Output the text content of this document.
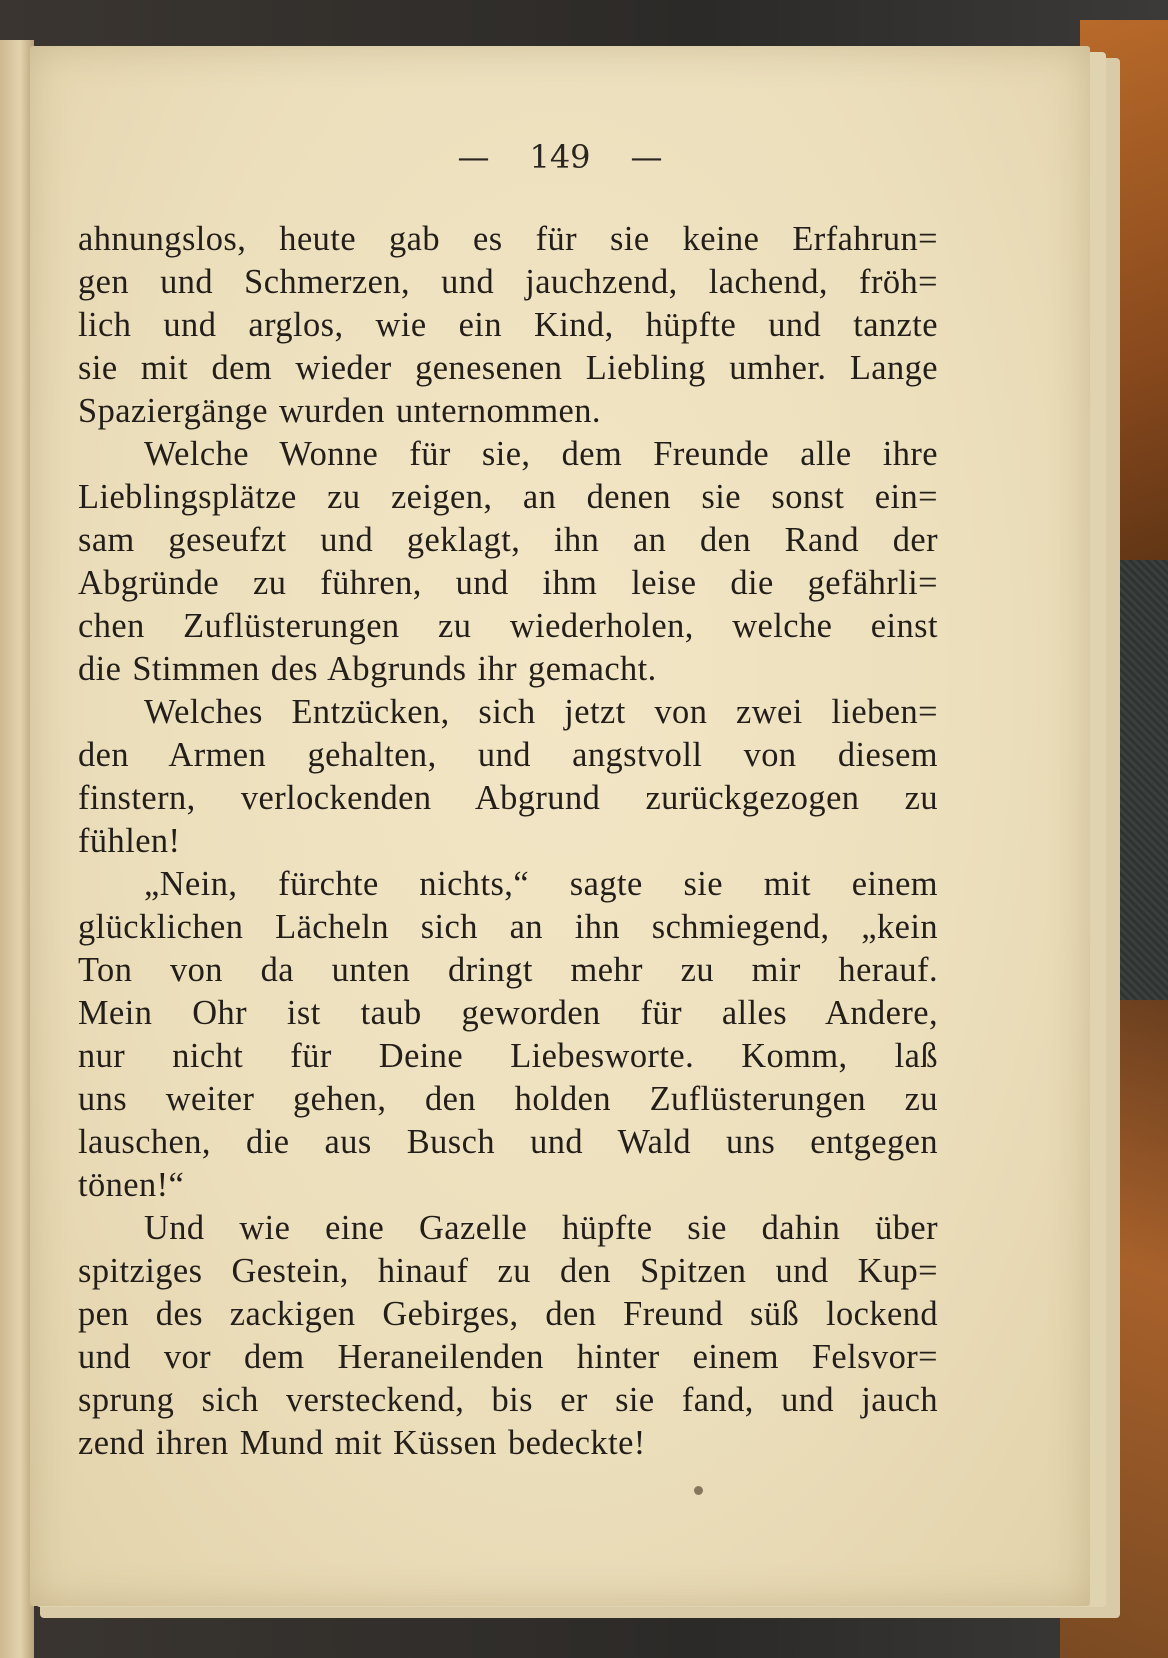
— 149 —

ahnungslos, heute gab es für sie keine Erfahrun=
gen und Schmerzen, und jauchzend, lachend, fröh=
lich und arglos, wie ein Kind, hüpfte und tanzte
sie mit dem wieder genesenen Liebling umher. Lange
Spaziergänge wurden unternommen.

Welche Wonne für sie, dem Freunde alle ihre
Lieblingsplätze zu zeigen, an denen sie sonst ein=
sam geseufzt und geklagt, ihn an den Rand der
Abgründe zu führen, und ihm leise die gefährli=
chen Zuflüsterungen zu wiederholen, welche einst
die Stimmen des Abgrunds ihr gemacht.

Welches Entzücken, sich jetzt von zwei lieben=
den Armen gehalten, und angstvoll von diesem
finstern, verlockenden Abgrund zurückgezogen zu
fühlen!

„Nein, fürchte nichts,“ sagte sie mit einem
glücklichen Lächeln sich an ihn schmiegend, „kein
Ton von da unten dringt mehr zu mir herauf.
Mein Ohr ist taub geworden für alles Andere,
nur nicht für Deine Liebesworte. Komm, laß
uns weiter gehen, den holden Zuflüsterungen zu
lauschen, die aus Busch und Wald uns entgegen
tönen!“

Und wie eine Gazelle hüpfte sie dahin über
spitziges Gestein, hinauf zu den Spitzen und Kup=
pen des zackigen Gebirges, den Freund süß lockend
und vor dem Heraneilenden hinter einem Felsvor=
sprung sich versteckend, bis er sie fand, und jauch
zend ihren Mund mit Küssen bedeckte!
